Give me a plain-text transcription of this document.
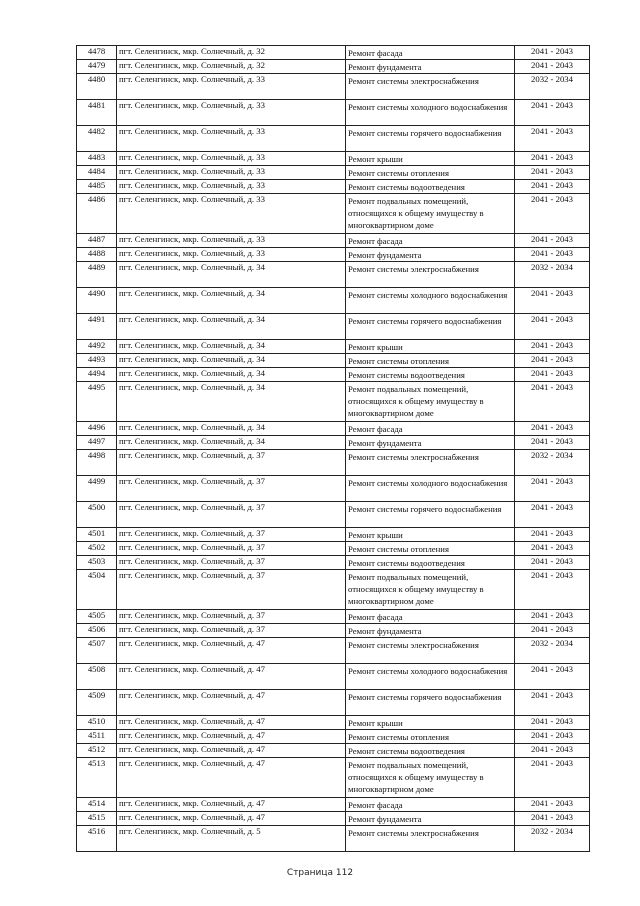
4478	пгт. Селенгинск, мкр. Солнечный, д. 32	Ремонт фасада	2041 - 2043
4479	пгт. Селенгинск, мкр. Солнечный, д. 32	Ремонт фундамента	2041 - 2043
4480	пгт. Селенгинск, мкр. Солнечный, д. 33	Ремонт системы электроснабжения	2032 - 2034
4481	пгт. Селенгинск, мкр. Солнечный, д. 33	Ремонт системы холодного водоснабжения	2041 - 2043
4482	пгт. Селенгинск, мкр. Солнечный, д. 33	Ремонт системы горячего водоснабжения	2041 - 2043
4483	пгт. Селенгинск, мкр. Солнечный, д. 33	Ремонт крыши	2041 - 2043
4484	пгт. Селенгинск, мкр. Солнечный, д. 33	Ремонт системы отопления	2041 - 2043
4485	пгт. Селенгинск, мкр. Солнечный, д. 33	Ремонт системы водоотведения	2041 - 2043
4486	пгт. Селенгинск, мкр. Солнечный, д. 33	Ремонт подвальных помещений, относящихся к общему имуществу в многоквартирном доме	2041 - 2043
4487	пгт. Селенгинск, мкр. Солнечный, д. 33	Ремонт фасада	2041 - 2043
4488	пгт. Селенгинск, мкр. Солнечный, д. 33	Ремонт фундамента	2041 - 2043
4489	пгт. Селенгинск, мкр. Солнечный, д. 34	Ремонт системы электроснабжения	2032 - 2034
4490	пгт. Селенгинск, мкр. Солнечный, д. 34	Ремонт системы холодного водоснабжения	2041 - 2043
4491	пгт. Селенгинск, мкр. Солнечный, д. 34	Ремонт системы горячего водоснабжения	2041 - 2043
4492	пгт. Селенгинск, мкр. Солнечный, д. 34	Ремонт крыши	2041 - 2043
4493	пгт. Селенгинск, мкр. Солнечный, д. 34	Ремонт системы отопления	2041 - 2043
4494	пгт. Селенгинск, мкр. Солнечный, д. 34	Ремонт системы водоотведения	2041 - 2043
4495	пгт. Селенгинск, мкр. Солнечный, д. 34	Ремонт подвальных помещений, относящихся к общему имуществу в многоквартирном доме	2041 - 2043
4496	пгт. Селенгинск, мкр. Солнечный, д. 34	Ремонт фасада	2041 - 2043
4497	пгт. Селенгинск, мкр. Солнечный, д. 34	Ремонт фундамента	2041 - 2043
4498	пгт. Селенгинск, мкр. Солнечный, д. 37	Ремонт системы электроснабжения	2032 - 2034
4499	пгт. Селенгинск, мкр. Солнечный, д. 37	Ремонт системы холодного водоснабжения	2041 - 2043
4500	пгт. Селенгинск, мкр. Солнечный, д. 37	Ремонт системы горячего водоснабжения	2041 - 2043
4501	пгт. Селенгинск, мкр. Солнечный, д. 37	Ремонт крыши	2041 - 2043
4502	пгт. Селенгинск, мкр. Солнечный, д. 37	Ремонт системы отопления	2041 - 2043
4503	пгт. Селенгинск, мкр. Солнечный, д. 37	Ремонт системы водоотведения	2041 - 2043
4504	пгт. Селенгинск, мкр. Солнечный, д. 37	Ремонт подвальных помещений, относящихся к общему имуществу в многоквартирном доме	2041 - 2043
4505	пгт. Селенгинск, мкр. Солнечный, д. 37	Ремонт фасада	2041 - 2043
4506	пгт. Селенгинск, мкр. Солнечный, д. 37	Ремонт фундамента	2041 - 2043
4507	пгт. Селенгинск, мкр. Солнечный, д. 47	Ремонт системы электроснабжения	2032 - 2034
4508	пгт. Селенгинск, мкр. Солнечный, д. 47	Ремонт системы холодного водоснабжения	2041 - 2043
4509	пгт. Селенгинск, мкр. Солнечный, д. 47	Ремонт системы горячего водоснабжения	2041 - 2043
4510	пгт. Селенгинск, мкр. Солнечный, д. 47	Ремонт крыши	2041 - 2043
4511	пгт. Селенгинск, мкр. Солнечный, д. 47	Ремонт системы отопления	2041 - 2043
4512	пгт. Селенгинск, мкр. Солнечный, д. 47	Ремонт системы водоотведения	2041 - 2043
4513	пгт. Селенгинск, мкр. Солнечный, д. 47	Ремонт подвальных помещений, относящихся к общему имуществу в многоквартирном доме	2041 - 2043
4514	пгт. Селенгинск, мкр. Солнечный, д. 47	Ремонт фасада	2041 - 2043
4515	пгт. Селенгинск, мкр. Солнечный, д. 47	Ремонт фундамента	2041 - 2043
4516	пгт. Селенгинск, мкр. Солнечный, д. 5	Ремонт системы электроснабжения	2032 - 2034
Страница 112
